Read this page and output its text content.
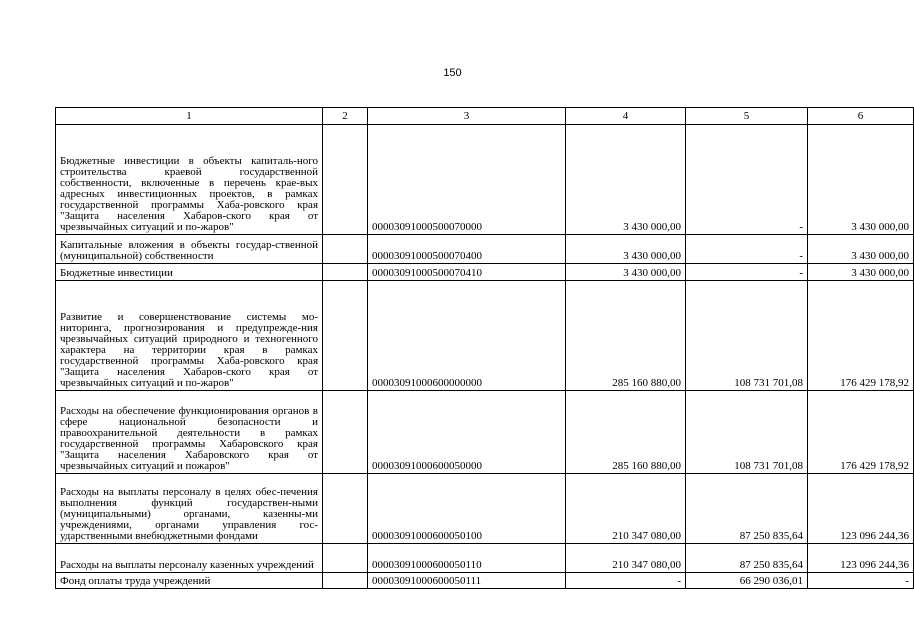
150
1	2	3	4	5	6
Бюджетные инвестиции в объекты капиталь-ного строительства краевой государственной собственности, включенные в перечень крае-вых адресных инвестиционных проектов, в рамках государственной программы Хаба-ровского края "Защита населения Хабаров-ского края от чрезвычайных ситуаций и по-жаров"		00003091000500070000	3 430 000,00	-	3 430 000,00
Капитальные вложения в объекты государ-ственной (муниципальной) собственности		00003091000500070400	3 430 000,00	-	3 430 000,00
Бюджетные инвестиции		00003091000500070410	3 430 000,00	-	3 430 000,00
Развитие и совершенствование системы мо-ниторинга, прогнозирования и предупрежде-ния чрезвычайных ситуаций природного и техногенного характера на территории края в рамках государственной программы Хаба-ровского края "Защита населения Хабаров-ского края от чрезвычайных ситуаций и по-жаров"		00003091000600000000	285 160 880,00	108 731 701,08	176 429 178,92
Расходы на обеспечение функционирования органов в сфере национальной безопасности и правоохранительной деятельности в рамках государственной программы Хабаровского края "Защита населения Хабаровского края от чрезвычайных ситуаций и пожаров"		00003091000600050000	285 160 880,00	108 731 701,08	176 429 178,92
Расходы на выплаты персоналу в целях обес-печения выполнения функций государствен-ными (муниципальными) органами, казенны-ми учреждениями, органами управления гос-ударственными внебюджетными фондами		00003091000600050100	210 347 080,00	87 250 835,64	123 096 244,36
Расходы на выплаты персоналу казенных учреждений		00003091000600050110	210 347 080,00	87 250 835,64	123 096 244,36
Фонд оплаты труда учреждений		00003091000600050111	-	66 290 036,01	-
